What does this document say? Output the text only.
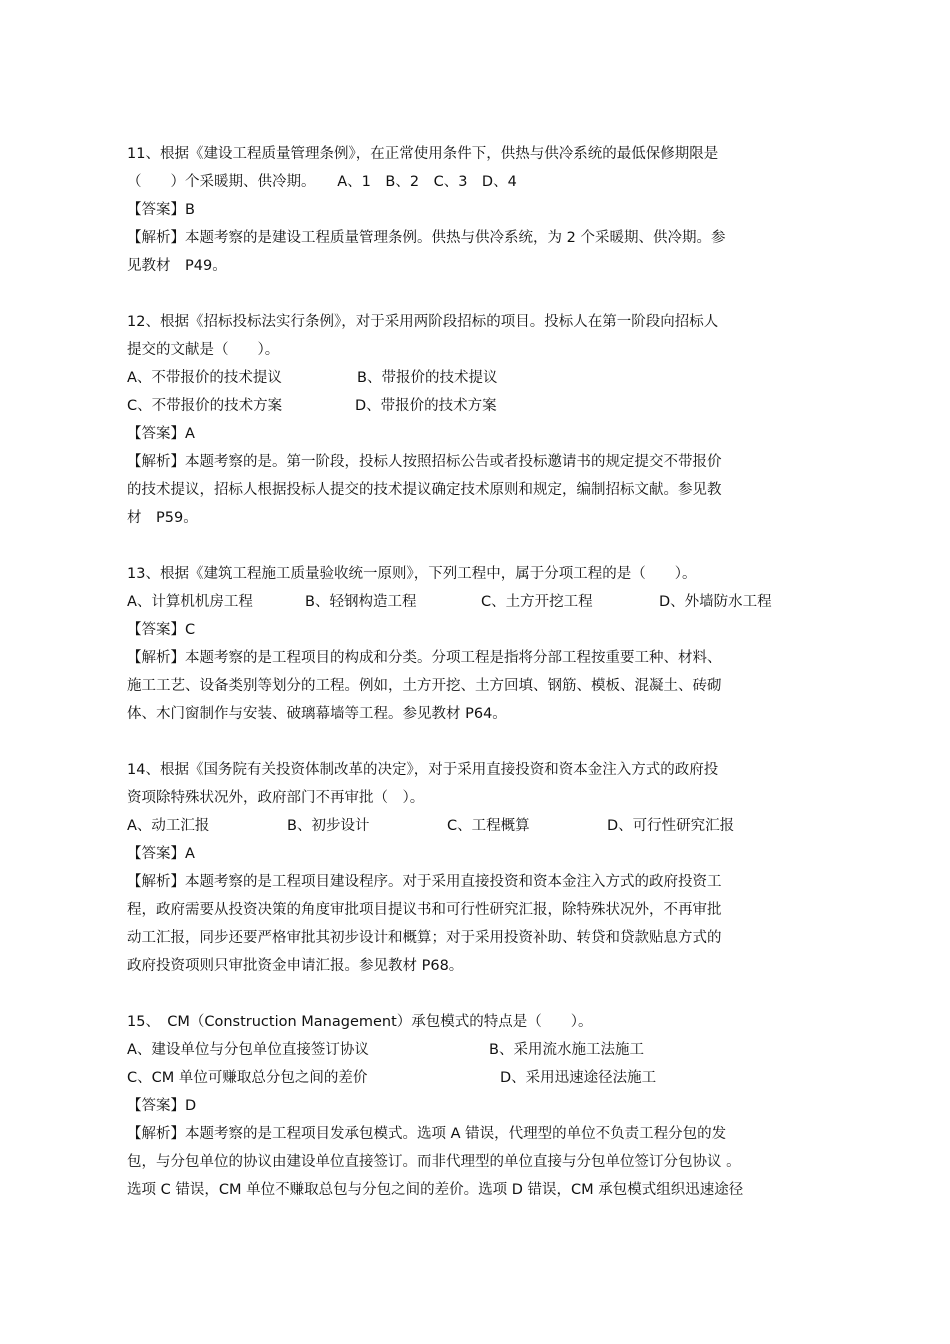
11、根据《建设工程质量管理条例》，在正常使用条件下，供热与供冷系统的最低保修期限是
（　　）个采暖期、供冷期。　　A、1　B、2　C、3　D、4
【答案】B
【解析】本题考察的是建设工程质量管理条例。供热与供冷系统，为 2 个采暖期、供冷期。参
见教材　P49。
12、根据《招标投标法实行条例》，对于采用两阶段招标的项目。投标人在第一阶段向招标人
提交的文献是（　　）。
A、不带报价的技术提议	B、带报价的技术提议
C、不带报价的技术方案	D、带报价的技术方案
【答案】A
【解析】本题考察的是。第一阶段，投标人按照招标公告或者投标邀请书的规定提交不带报价
的技术提议，招标人根据投标人提交的技术提议确定技术原则和规定，编制招标文献。参见教
材　P59。
13、根据《建筑工程施工质量验收统一原则》，下列工程中，属于分项工程的是（　　）。
A、计算机机房工程	B、轻钢构造工程	C、土方开挖工程	D、外墙防水工程
【答案】C
【解析】本题考察的是工程项目的构成和分类。分项工程是指将分部工程按重要工种、材料、
施工工艺、设备类别等划分的工程。例如，土方开挖、土方回填、钢筋、模板、混凝土、砖砌
体、木门窗制作与安装、破璃幕墙等工程。参见教材 P64。
14、根据《国务院有关投资体制改革的决定》，对于采用直接投资和资本金注入方式的政府投
资项除特殊状况外，政府部门不再审批（　）。
A、动工汇报	B、初步设计	C、工程概算	D、可行性研究汇报
【答案】A
【解析】本题考察的是工程项目建设程序。对于采用直接投资和资本金注入方式的政府投资工
程，政府需要从投资决策的角度审批项目提议书和可行性研究汇报，除特殊状况外，不再审批
动工汇报，同步还要严格审批其初步设计和概算；对于采用投资补助、转贷和贷款贴息方式的
政府投资项则只审批资金申请汇报。参见教材 P68。
15、　CM（Construction Management）承包模式的特点是（　　）。
A、建设单位与分包单位直接签订协议	B、采用流水施工法施工
C、CM 单位可赚取总分包之间的差价	D、采用迅速途径法施工
【答案】D
【解析】本题考察的是工程项目发承包模式。选项 A 错误，代理型的单位不负责工程分包的发
包，与分包单位的协议由建设单位直接签订。而非代理型的单位直接与分包单位签订分包协议 。
选项 C 错误，CM 单位不赚取总包与分包之间的差价。选项 D 错误，CM 承包模式组织迅速途径
